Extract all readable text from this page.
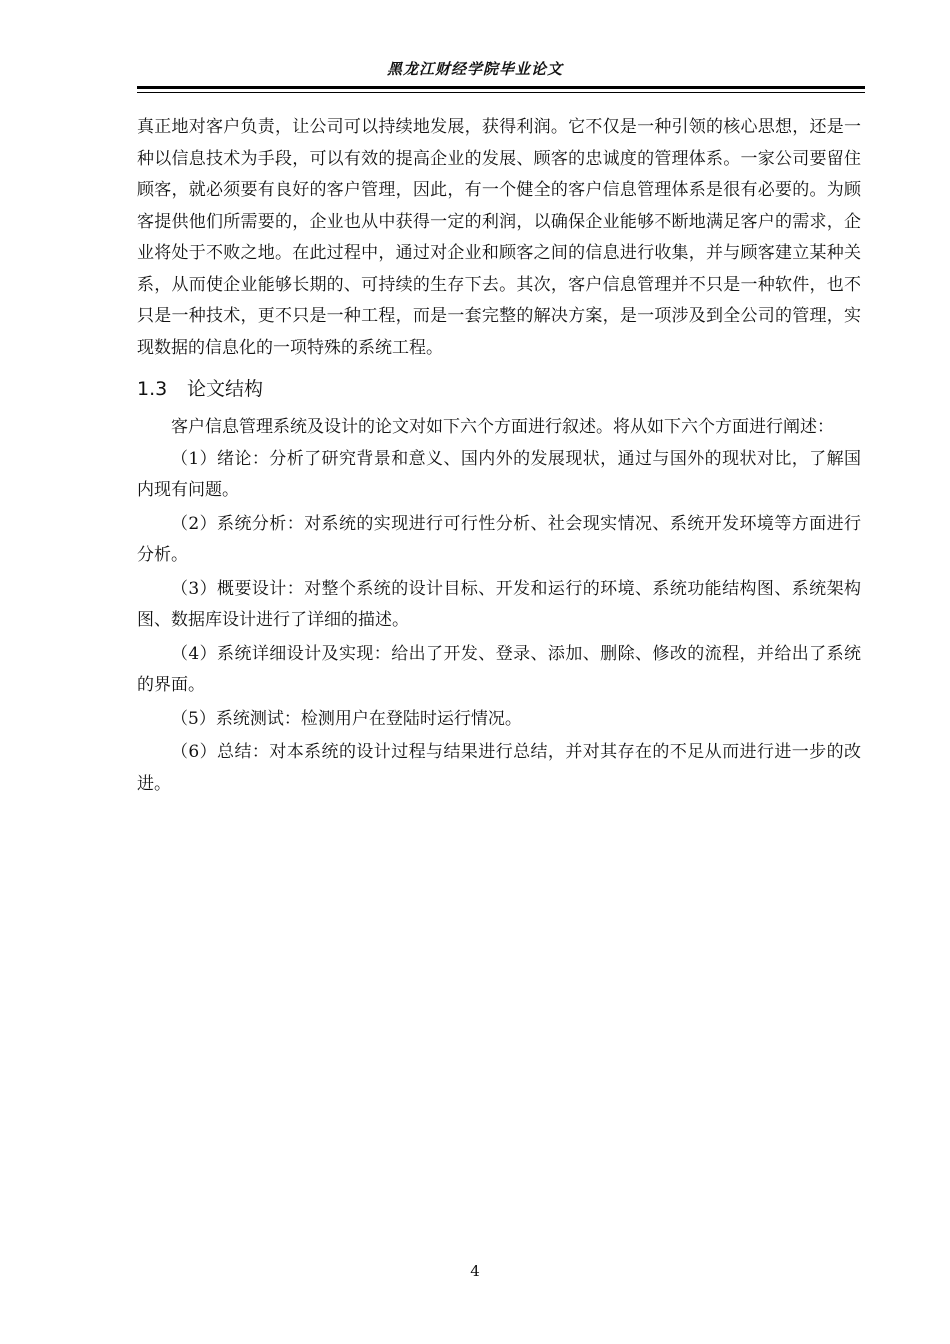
黑龙江财经学院毕业论文

真正地对客户负责，让公司可以持续地发展，获得利润。它不仅是一种引领的核心思想，还是一种以信息技术为手段，可以有效的提高企业的发展、顾客的忠诚度的管理体系。一家公司要留住顾客，就必须要有良好的客户管理，因此，有一个健全的客户信息管理体系是很有必要的。为顾客提供他们所需要的，企业也从中获得一定的利润，以确保企业能够不断地满足客户的需求，企业将处于不败之地。在此过程中，通过对企业和顾客之间的信息进行收集，并与顾客建立某种关系，从而使企业能够长期的、可持续的生存下去。其次，客户信息管理并不只是一种软件，也不只是一种技术，更不只是一种工程，而是一套完整的解决方案，是一项涉及到全公司的管理，实现数据的信息化的一项特殊的系统工程。

1.3 论文结构

客户信息管理系统及设计的论文对如下六个方面进行叙述。将从如下六个方面进行阐述：

（1）绪论：分析了研究背景和意义、国内外的发展现状，通过与国外的现状对比，了解国内现有问题。

（2）系统分析：对系统的实现进行可行性分析、社会现实情况、系统开发环境等方面进行分析。

（3）概要设计：对整个系统的设计目标、开发和运行的环境、系统功能结构图、系统架构图、数据库设计进行了详细的描述。

（4）系统详细设计及实现：给出了开发、登录、添加、删除、修改的流程，并给出了系统的界面。

（5）系统测试：检测用户在登陆时运行情况。

（6）总结：对本系统的设计过程与结果进行总结，并对其存在的不足从而进行进一步的改进。

4
